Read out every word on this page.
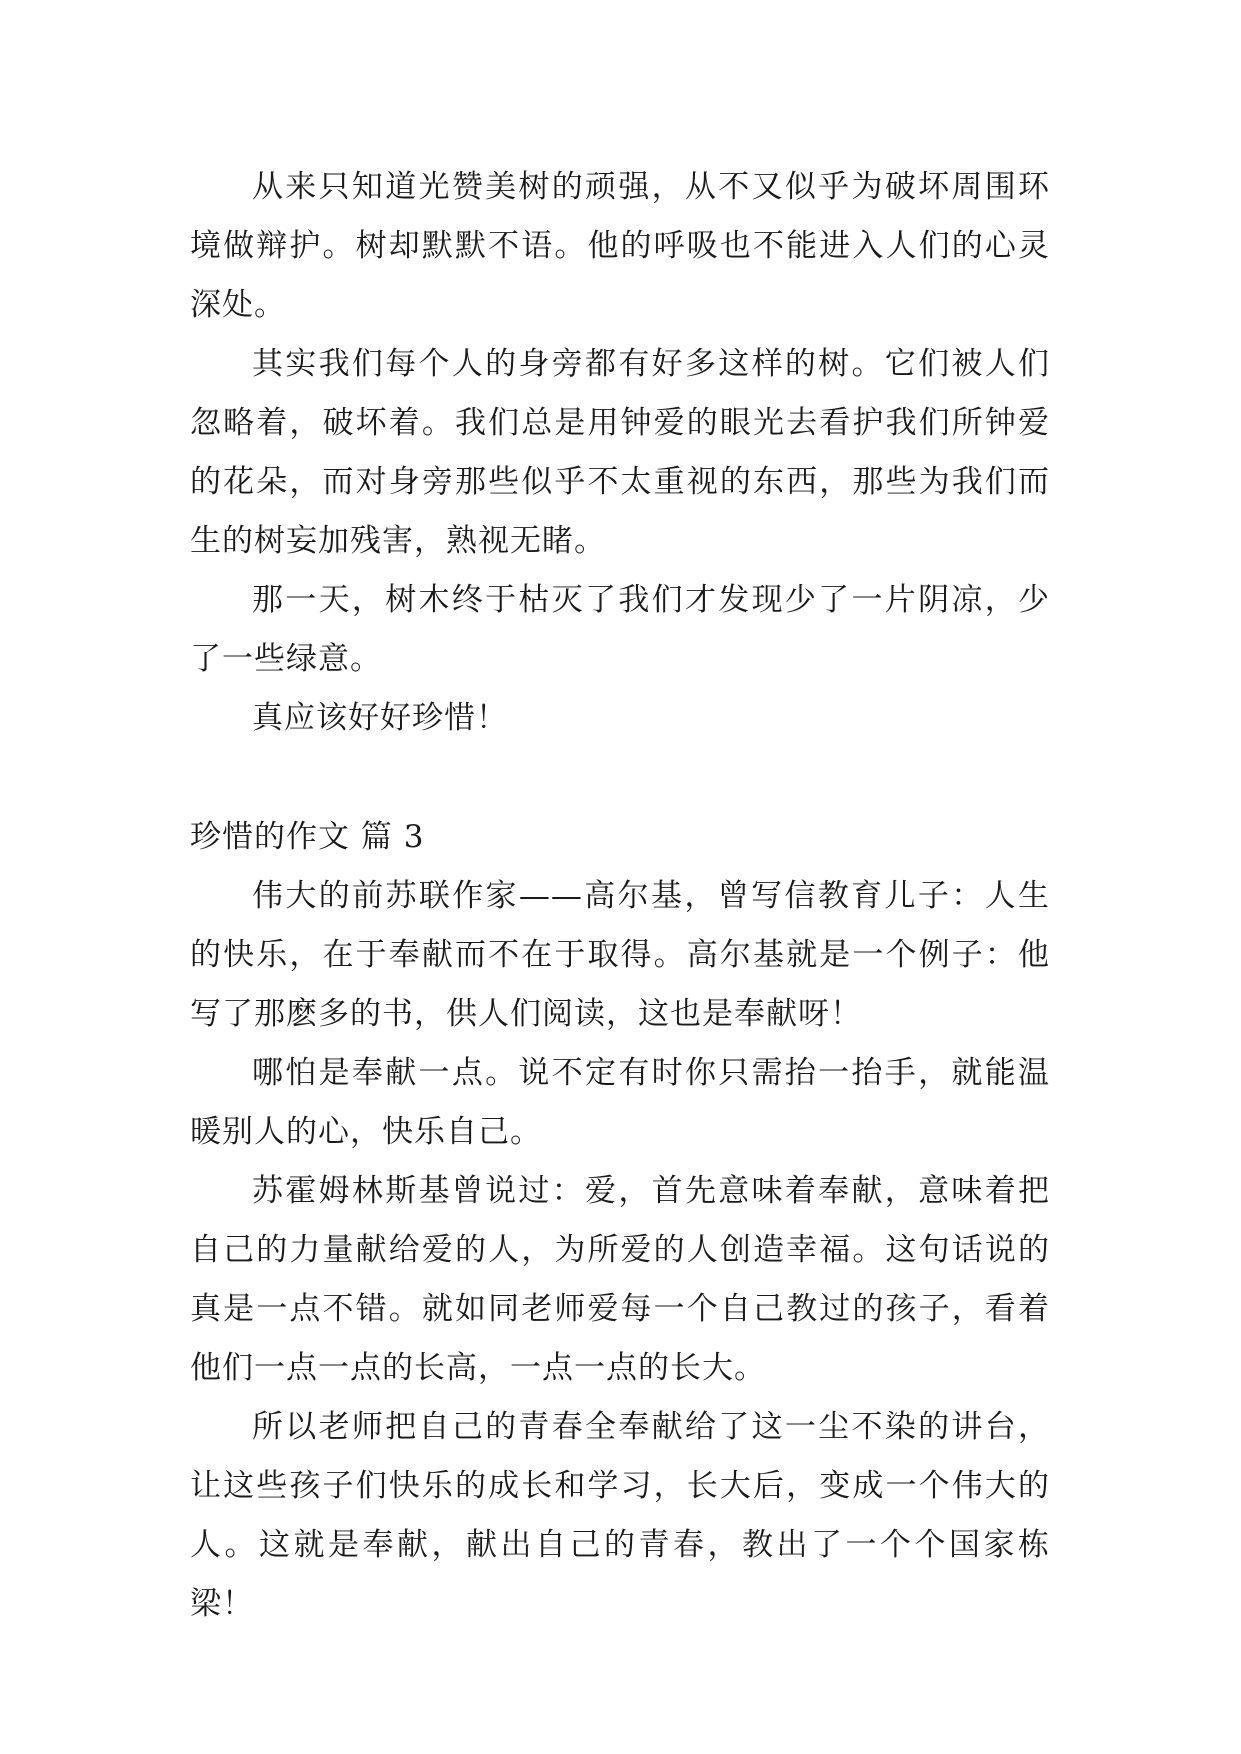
从来只知道光赞美树的顽强，从不又似乎为破坏周围环境做辩护。树却默默不语。他的呼吸也不能进入人们的心灵深处。

其实我们每个人的身旁都有好多这样的树。它们被人们忽略着，破坏着。我们总是用钟爱的眼光去看护我们所钟爱的花朵，而对身旁那些似乎不太重视的东西，那些为我们而生的树妄加残害，熟视无睹。

那一天，树木终于枯灭了我们才发现少了一片阴凉，少了一些绿意。

真应该好好珍惜！

珍惜的作文 篇 3

伟大的前苏联作家——高尔基，曾写信教育儿子：人生的快乐，在于奉献而不在于取得。高尔基就是一个例子：他写了那麽多的书，供人们阅读，这也是奉献呀！

哪怕是奉献一点。说不定有时你只需抬一抬手，就能温暖别人的心，快乐自己。

苏霍姆林斯基曾说过：爱，首先意味着奉献，意味着把自己的力量献给爱的人，为所爱的人创造幸福。这句话说的真是一点不错。就如同老师爱每一个自己教过的孩子，看着他们一点一点的长高，一点一点的长大。

所以老师把自己的青春全奉献给了这一尘不染的讲台，让这些孩子们快乐的成长和学习，长大后，变成一个伟大的人。这就是奉献，献出自己的青春，教出了一个个国家栋梁！
